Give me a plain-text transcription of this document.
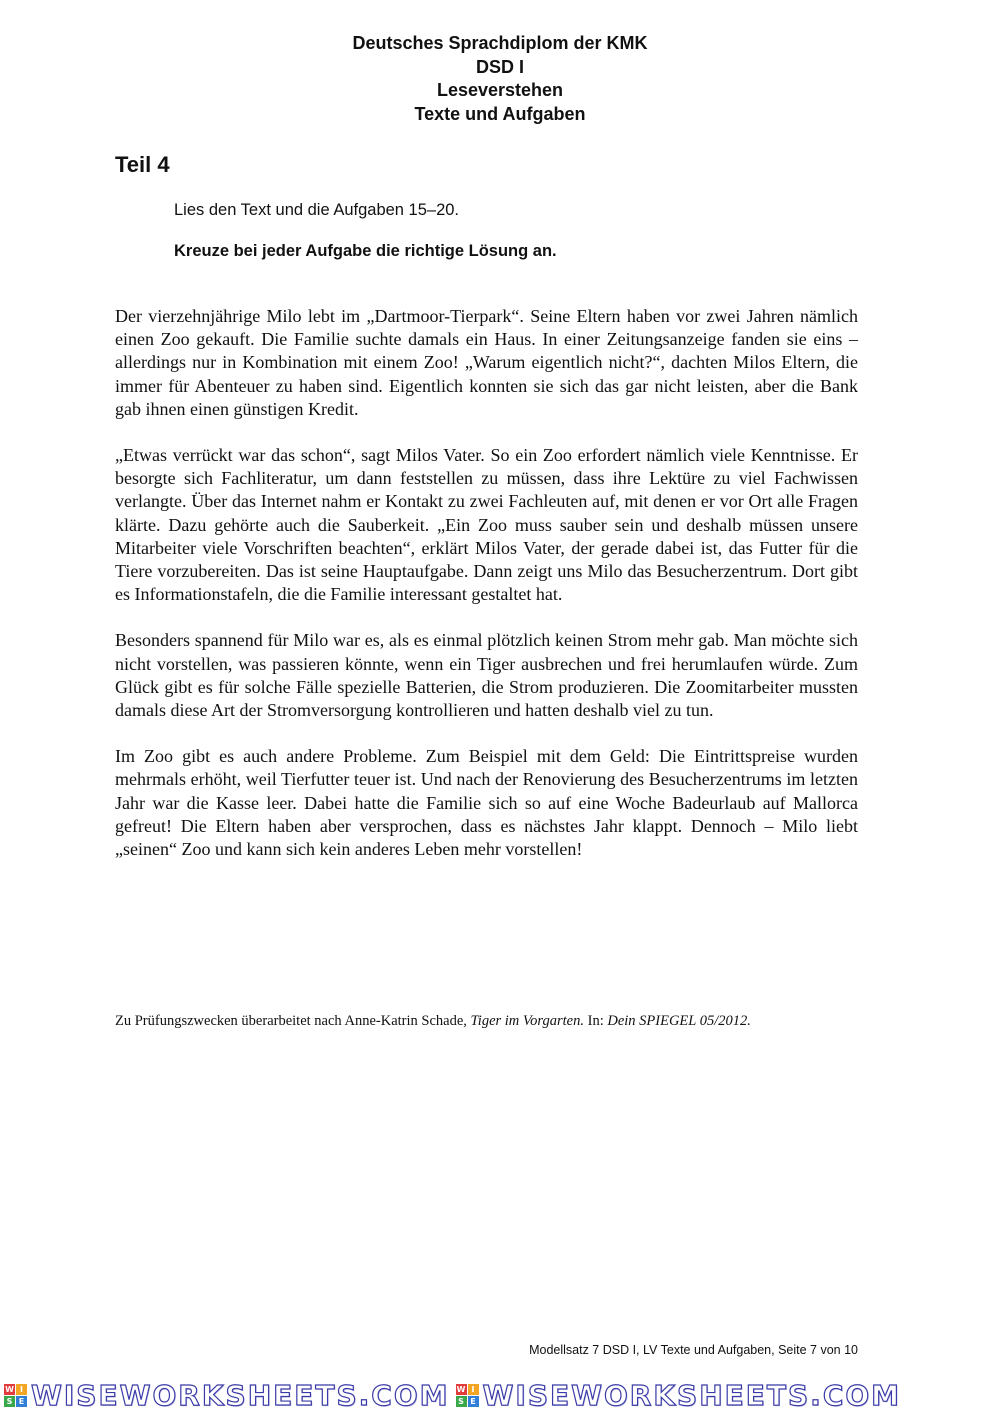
Deutsches Sprachdiplom der KMK
DSD I
Leseverstehen
Texte und Aufgaben
Teil 4
Lies den Text und die Aufgaben 15–20.
Kreuze bei jeder Aufgabe die richtige Lösung an.

Der vierzehnjährige Milo lebt im „Dartmoor-Tierpark“. Seine Eltern haben vor zwei Jahren nämlich einen Zoo gekauft. Die Familie suchte damals ein Haus. In einer Zeitungsanzeige fanden sie eins – allerdings nur in Kombination mit einem Zoo! „Warum eigentlich nicht?“, dachten Milos Eltern, die immer für Abenteuer zu haben sind. Eigentlich konnten sie sich das gar nicht leisten, aber die Bank gab ihnen einen günstigen Kredit.

„Etwas verrückt war das schon“, sagt Milos Vater. So ein Zoo erfordert nämlich viele Kenntnisse. Er besorgte sich Fachliteratur, um dann feststellen zu müssen, dass ihre Lektüre zu viel Fachwissen verlangte. Über das Internet nahm er Kontakt zu zwei Fachleuten auf, mit denen er vor Ort alle Fragen klärte. Dazu gehörte auch die Sauberkeit. „Ein Zoo muss sauber sein und deshalb müssen unsere Mitarbeiter viele Vorschriften beachten“, erklärt Milos Vater, der gerade dabei ist, das Futter für die Tiere vorzubereiten. Das ist seine Hauptaufgabe. Dann zeigt uns Milo das Besucherzentrum. Dort gibt es Informationstafeln, die die Familie interessant gestaltet hat.

Besonders spannend für Milo war es, als es einmal plötzlich keinen Strom mehr gab. Man möchte sich nicht vorstellen, was passieren könnte, wenn ein Tiger ausbrechen und frei herumlaufen würde. Zum Glück gibt es für solche Fälle spezielle Batterien, die Strom produzieren. Die Zoomitarbeiter mussten damals diese Art der Stromversorgung kontrollieren und hatten deshalb viel zu tun.

Im Zoo gibt es auch andere Probleme. Zum Beispiel mit dem Geld: Die Eintrittspreise wurden mehrmals erhöht, weil Tierfutter teuer ist. Und nach der Renovierung des Besucherzentrums im letzten Jahr war die Kasse leer. Dabei hatte die Familie sich so auf eine Woche Badeurlaub auf Mallorca gefreut! Die Eltern haben aber versprochen, dass es nächstes Jahr klappt. Dennoch – Milo liebt „seinen“ Zoo und kann sich kein anderes Leben mehr vorstellen!

Zu Prüfungszwecken überarbeitet nach Anne-Katrin Schade, Tiger im Vorgarten. In: Dein SPIEGEL 05/2012.
Modellsatz 7 DSD I, LV Texte und Aufgaben, Seite 7 von 10
W I
S E WISEWORKSHEETS.COM W I
S E WISEWORKSHEETS.COM
